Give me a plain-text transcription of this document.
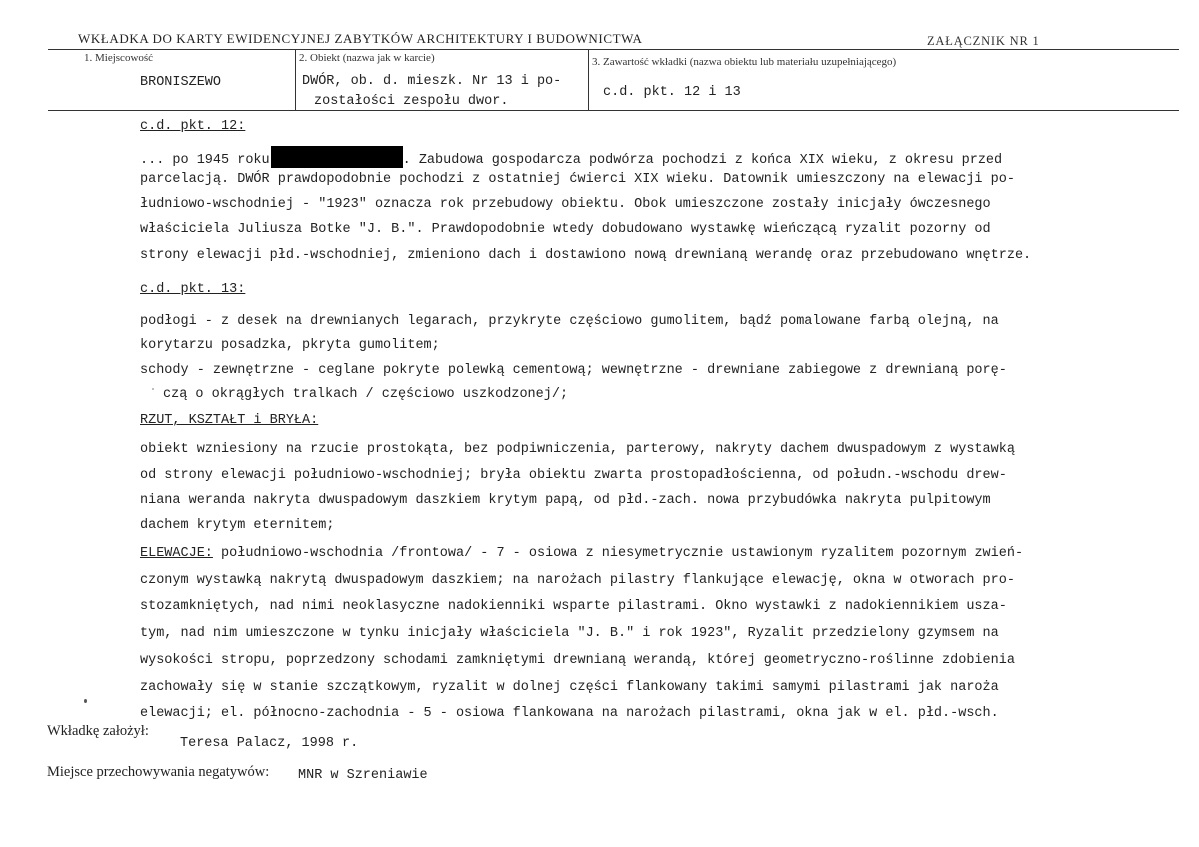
WKŁADKA DO KARTY EWIDENCYJNEJ ZABYTKÓW ARCHITEKTURY I BUDOWNICTWA	ZAŁĄCZNIK NR 1
1. Miejscowość
BRONISZEWO
2. Obiekt (nazwa jak w karcie)
DWÓR, ob. d. mieszk. Nr 13 i po-
zostałości zespołu dwor.
3. Zawartość wkładki (nazwa obiektu lub materiału uzupełniającego)
c.d. pkt. 12 i 13
c.d. pkt. 12:
... po 1945 roku	. Zabudowa gospodarcza podwórza pochodzi z końca XIX wieku, z okresu przed
parcelacją. DWÓR prawdopodobnie pochodzi z ostatniej ćwierci XIX wieku. Datownik umieszczony na elewacji po-
łudniowo-wschodniej - "1923" oznacza rok przebudowy obiektu. Obok umieszczone zostały inicjały ówczesnego
właściciela Juliusza Botke "J. B.". Prawdopodobnie wtedy dobudowano wystawkę wieńczącą ryzalit pozorny od
strony elewacji płd.-wschodniej, zmieniono dach i dostawiono nową drewnianą werandę oraz przebudowano wnętrze.
c.d. pkt. 13:
podłogi - z desek na drewnianych legarach, przykryte częściowo gumolitem, bądź pomalowane farbą olejną, na
korytarzu posadzka, pkryta gumolitem;
schody - zewnętrzne - ceglane pokryte polewką cementową; wewnętrzne - drewniane zabiegowe z drewnianą porę-
czą o okrągłych tralkach / częściowo uszkodzonej/;
RZUT, KSZTAŁT i BRYŁA:
obiekt wzniesiony na rzucie prostokąta, bez podpiwniczenia, parterowy, nakryty dachem dwuspadowym z wystawką
od strony elewacji południowo-wschodniej; bryła obiektu zwarta prostopadłościenna, od połudn.-wschodu drew-
niana weranda nakryta dwuspadowym daszkiem krytym papą, od płd.-zach. nowa przybudówka nakryta pulpitowym
dachem krytym eternitem;
ELEWACJE: południowo-wschodnia /frontowa/ - 7 - osiowa z niesymetrycznie ustawionym ryzalitem pozornym zwień-
czonym wystawką nakrytą dwuspadowym daszkiem; na narożach pilastry flankujące elewację, okna w otworach pro-
stozamkniętych, nad nimi neoklasyczne nadokienniki wsparte pilastrami. Okno wystawki z nadokiennikiem usza-
tym, nad nim umieszczone w tynku inicjały właściciela "J. B." i rok 1923", Ryzalit przedzielony gzymsem na
wysokości stropu, poprzedzony schodami zamkniętymi drewnianą werandą, której geometryczno-roślinne zdobienia
zachowały się w stanie szczątkowym, ryzalit w dolnej części flankowany takimi samymi pilastrami jak naroża
elewacji; el. północno-zachodnia - 5 - osiowa flankowana na narożach pilastrami, okna jak w el. płd.-wsch.
Wkładkę założył:
Teresa Palacz, 1998 r.
Miejsce przechowywania negatywów: MNR w Szreniawie
